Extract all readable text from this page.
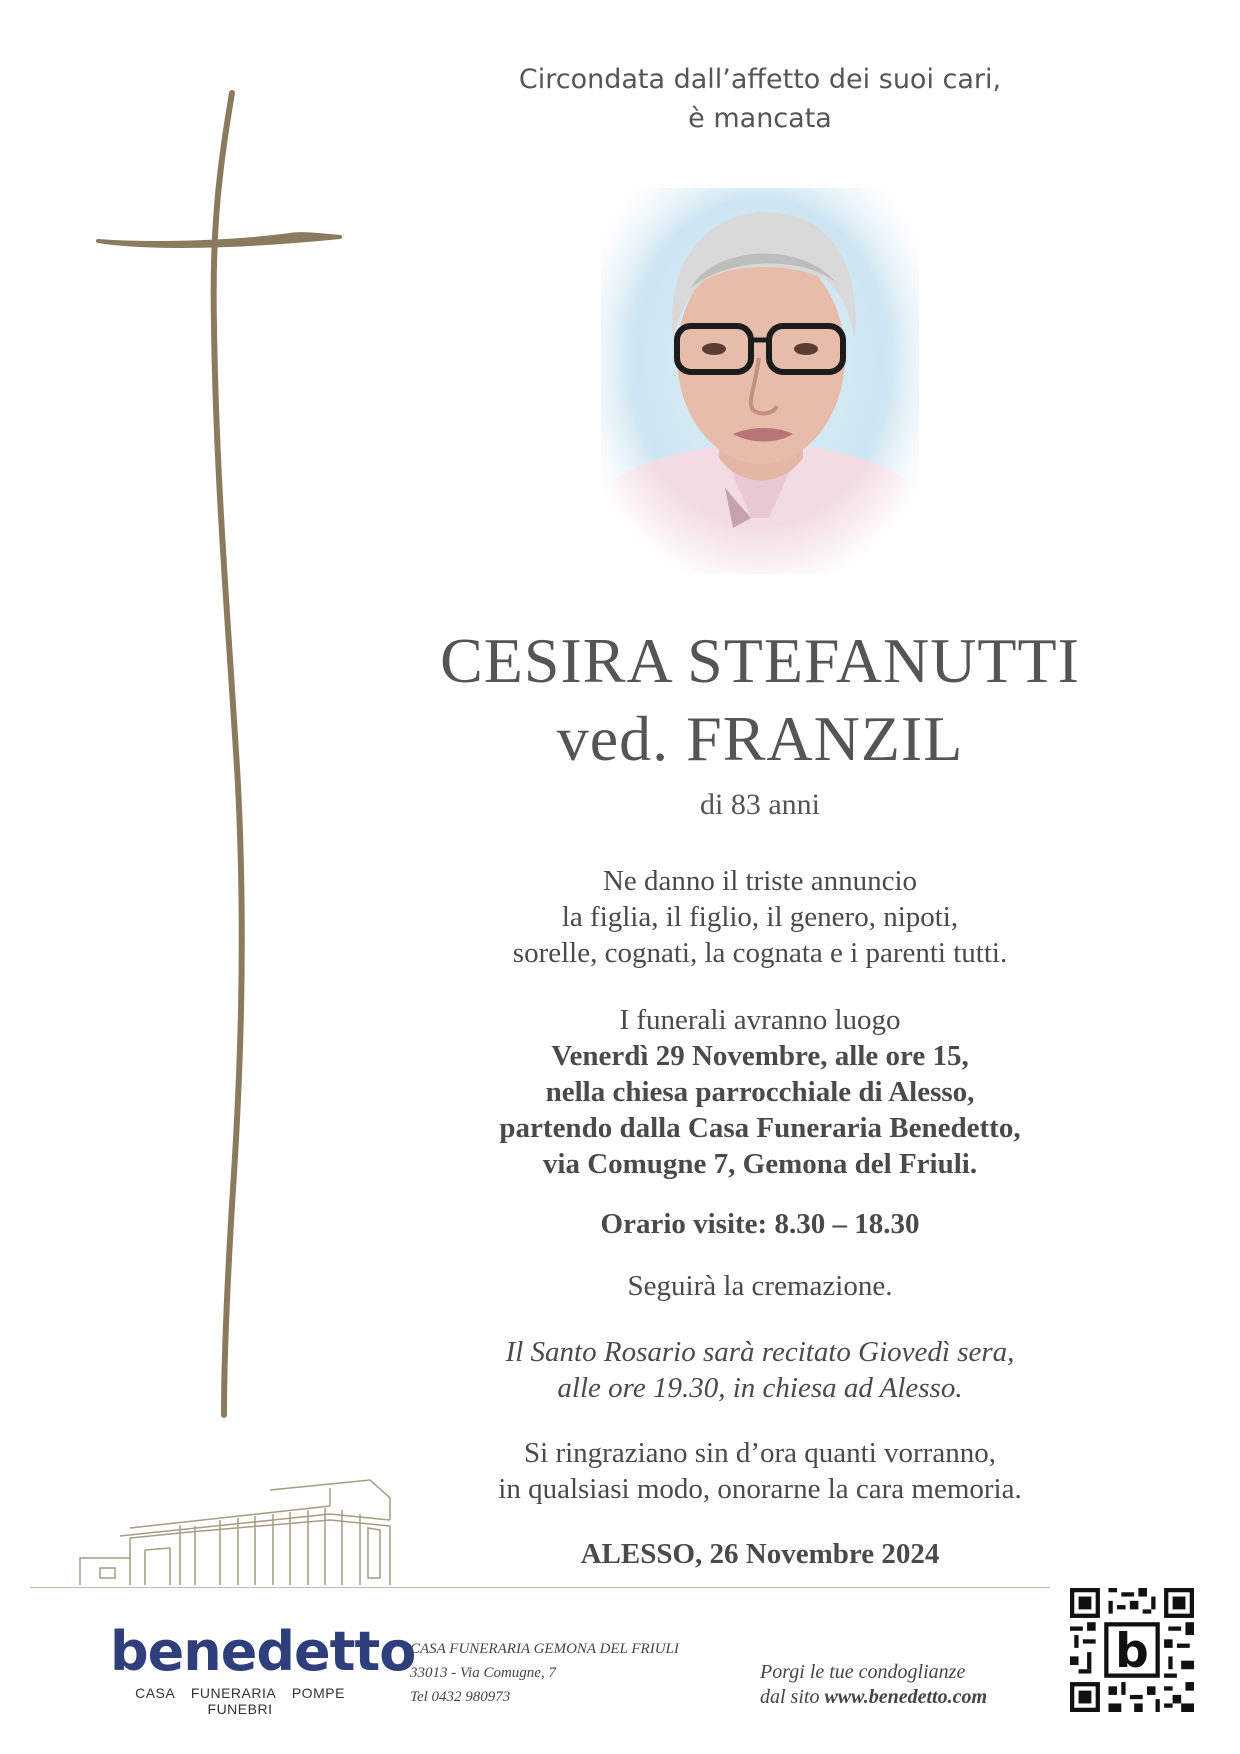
Circondata dall’affetto dei suoi cari,
è mancata
CESIRA STEFANUTTI
ved. FRANZIL
di 83 anni
Ne danno il triste annuncio
la figlia, il figlio, il genero, nipoti,
sorelle, cognati, la cognata e i parenti tutti.
I funerali avranno luogo
Venerdì 29 Novembre, alle ore 15,
nella chiesa parrocchiale di Alesso,
partendo dalla Casa Funeraria Benedetto,
via Comugne 7, Gemona del Friuli.
Orario visite: 8.30 – 18.30
Seguirà la cremazione.
Il Santo Rosario sarà recitato Giovedì sera,
alle ore 19.30, in chiesa ad Alesso.
Si ringraziano sin d’ora quanti vorranno,
in qualsiasi modo, onorarne la cara memoria.
ALESSO, 26 Novembre 2024
benedetto
CASA FUNERARIA POMPE FUNEBRI
CASA FUNERARIA GEMONA DEL FRIULI
33013 - Via Comugne, 7
Tel 0432 980973
Porgi le tue condoglianze
dal sito www.benedetto.com
b
